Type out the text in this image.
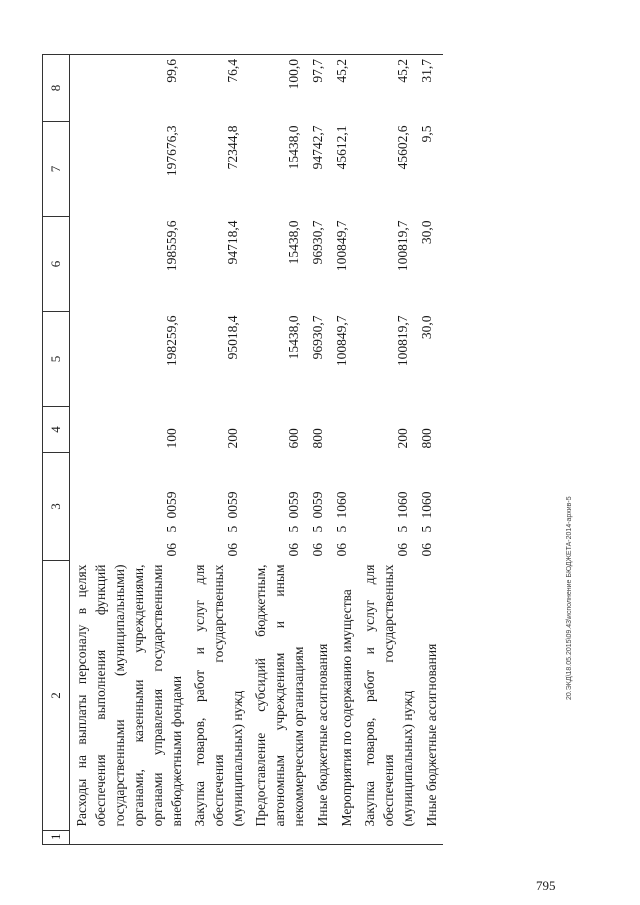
1	2	3	4	5	6	7	8
	Расходы на выплаты персоналу в целях обеспечения выполнения функций государственными (муниципальными) органами, казенными учреждениями, органами управления государственными внебюджетными фондами	0650059	100	198259,6	198559,6	197676,3	99,6
	Закупка товаров, работ и услуг для обеспечения государственных (муниципальных) нужд	0650059	200	95018,4	94718,4	72344,8	76,4
	Предоставление субсидий бюджетным, автономным учреждениям и иным некоммерческим организациям	0650059	600	15438,0	15438,0	15438,0	100,0
	Иные бюджетные ассигнования	0650059	800	96930,7	96930,7	94742,7	97,7
	Мероприятия по содержанию имущества	0651060		100849,7	100849,7	45612,1	45,2
	Закупка товаров, работ и услуг для обеспечения государственных (муниципальных) нужд	0651060	200	100819,7	100819,7	45602,6	45,2
	Иные бюджетные ассигнования	0651060	800	30,0	30,0	9,5	31,7
795
20.ЭКД\18.05.2015\09.43\исполнение БЮДЖЕТА-2014-архив-5
